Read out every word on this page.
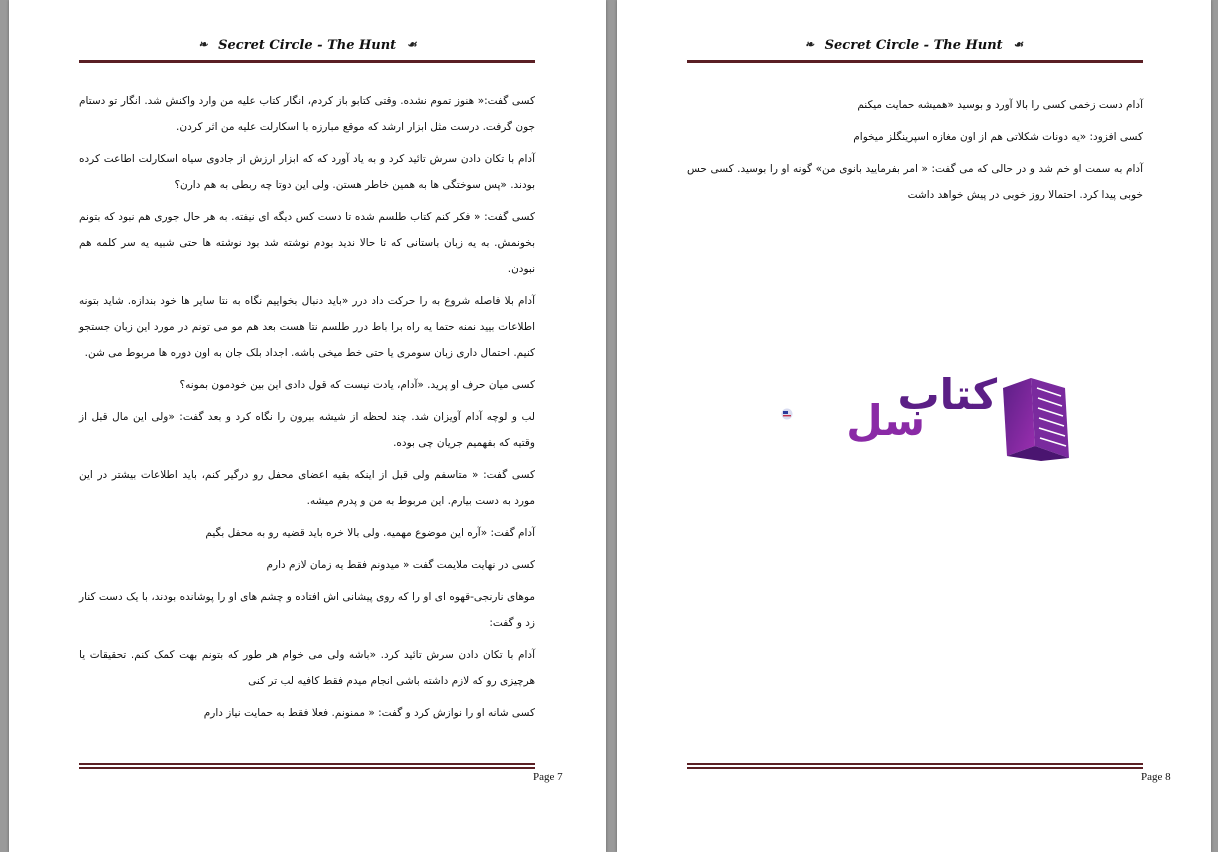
❧ Secret Circle - The Hunt ☙

کسی گفت:« هنوز تموم نشده. وقتی کتابو باز کردم، انگار کتاب علیه من وارد واکنش شد. انگار تو دستام جون گرفت. درست مثل ابزار ارشد که موقع مبارزه با اسکارلت علیه من اثر کردن.

آدام با تکان دادن سرش تائید کرد و به یاد آورد که که ابزار ارزش از جادوی سیاه اسکارلت اطاعت کرده بودند. «پس سوختگی ها به همین خاطر هستن. ولی این دوتا چه ربطی به هم دارن؟

کسی گفت: « فکر کنم کتاب طلسم شده تا دست کس دیگه ای نیفته. به هر حال جوری هم نبود که بتونم بخونمش. به یه زبان باستانی که تا حالا ندید بودم نوشته شد بود نوشته ها حتی شبیه یه سر کلمه هم نبودن.

آدام بلا فاصله شروع به را حرکت داد درر «باید دنبال بخواییم نگاه به نتا سایر ها خود بندازه. شاید بتونه اطلاعات بیید نمنه حتما یه راه برا باط درر طلسم نتا هست بعد هم مو می تونم در مورد این زبان جستجو کنیم. احتمال داری زبان سومری یا حتی خط میخی باشه. اجداد بلک جان به اون دوره ها مربوط می شن.

کسی میان حرف او پرید. «آدام، یادت نیست که قول دادی این بین خودمون بمونه؟

لب و لوچه آدام آویزان شد. چند لحظه از شیشه بیرون را نگاه کرد و بعد گفت: «ولی این مال قبل از وقتیه که بفهمیم جریان چی بوده.

کسی گفت: « متاسفم ولی قبل از اینکه بقیه اعضای محفل رو درگیر کنم، باید اطلاعات بیشتر در این مورد به دست بیارم. این مربوط به من و پدرم میشه.

آدام گفت: «آره این موضوع مهمیه. ولی بالا خره باید قضیه رو به محفل بگیم

کسی در نهایت ملایمت گفت « میدونم فقط یه زمان لازم دارم

موهای نارنجی-قهوه ای او را که روی پیشانی اش افتاده و چشم های او را پوشانده بودند، با یک دست کنار زد و گفت:

آدام با تکان دادن سرش تائید کرد. «باشه ولی می خوام هر طور که بتونم بهت کمک کنم. تحقیقات یا هرچیزی رو که لازم داشته باشی انجام میدم فقط کافیه لب تر کنی

کسی شانه او را نوازش کرد و گفت: « ممنونم. فعلا فقط به حمایت نیاز دارم

Page 7
❧ Secret Circle - The Hunt ☙

آدام دست زخمی کسی را بالا آورد و بوسید «همیشه حمایت میکنم

کسی افزود: «یه دونات شکلاتی هم از اون مغازه اسپرینگلز میخوام

آدام به سمت او خم شد و در حالی که می گفت: « امر بفرمایید بانوی من» گونه او را بوسید. کسی حس خوبی پیدا کرد. احتمالا روز خوبی در پیش خواهد داشت

کتاب
سل
Page 8
